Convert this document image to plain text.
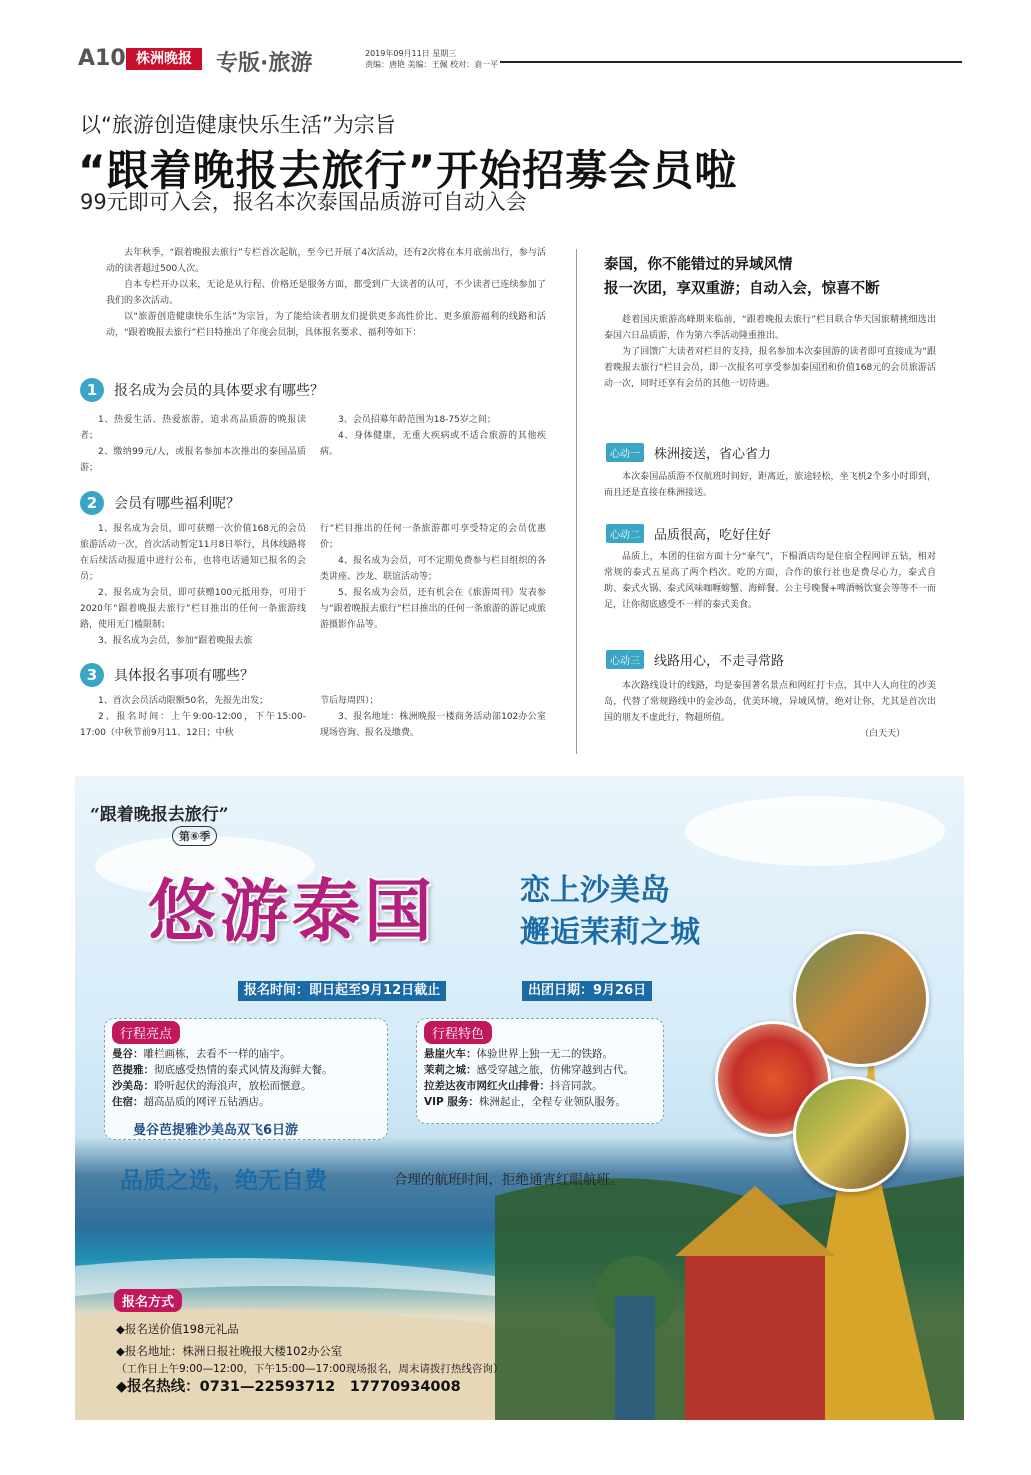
A10 株洲晚报	专版·旅游	2019年09月11日 星期三
责编：唐艳 美编：王佩 校对：袁一平
以“旅游创造健康快乐生活”为宗旨
“跟着晚报去旅行”开始招募会员啦
99元即可入会，报名本次泰国品质游可自动入会

去年秋季，“跟着晚报去旅行”专栏首次起航，至今已开展了4次活动，还有2次将在本月底前出行，参与活动的读者超过500人次。

自本专栏开办以来，无论是从行程、价格还是服务方面，都受到广大读者的认可，不少读者已连续参加了我们的多次活动。

以“旅游创造健康快乐生活”为宗旨，为了能给读者朋友们提供更多高性价比、更多旅游福利的线路和活动，“跟着晚报去旅行”栏目特推出了年度会员制，具体报名要求、福利等如下：

1	报名成为会员的具体要求有哪些？

1、热爱生活、热爱旅游，追求高品质游的晚报读者；

2、缴纳99元/人，或报名参加本次推出的泰国品质游；

3、会员招募年龄范围为18-75岁之间；

4、身体健康，无重大疾病或不适合旅游的其他疾病。

2	会员有哪些福利呢？

1、报名成为会员，即可获赠一次价值168元的会员旅游活动一次，首次活动暂定11月8日举行，具体线路将在后续活动报道中进行公布，也将电话通知已报名的会员；

2、报名成为会员，即可获赠100元抵用券，可用于2020年“跟着晚报去旅行”栏目推出的任何一条旅游线路，使用无门槛限制；

3、报名成为会员，参加“跟着晚报去旅

行”栏目推出的任何一条旅游都可享受特定的会员优惠价；

4、报名成为会员，可不定期免费参与栏目组织的各类讲座、沙龙、联谊活动等；

5、报名成为会员，还有机会在《旅游周刊》发表参与“跟着晚报去旅行”栏目推出的任何一条旅游的游记或旅游摄影作品等。

3	具体报名事项有哪些？

1、首次会员活动限额50名，先报先出发；

2、报名时间：上午9:00-12:00，下午15:00-17:00（中秋节前9月11、12日；中秋

节后每周四）；

3、报名地址：株洲晚报一楼商务活动部102办公室现场咨询、报名及缴费。

泰国，你不能错过的异域风情
报一次团，享双重游；自动入会，惊喜不断

趁着国庆旅游高峰期来临前，“跟着晚报去旅行”栏目联合华天国旅精挑细选出泰国六日品质游，作为第六季活动隆重推出。

为了回馈广大读者对栏目的支持，报名参加本次泰国游的读者即可直接成为“跟着晚报去旅行”栏目会员，即一次报名可享受参加泰国团和价值168元的会员旅游活动一次，同时还享有会员的其他一切待遇。

心动一	株洲接送，省心省力

本次泰国品质游不仅航班时间好，距离近，旅途轻松，坐飞机2个多小时即到，而且还是直接在株洲接送。

心动二	品质很高，吃好住好

品质上，本团的住宿方面十分“豪气”，下榻酒店均是住宿全程网评五钻，相对常规的泰式五星高了两个档次。吃的方面，合作的旅行社也是费尽心力，泰式自助、泰式火锅、泰式风味咖喱螃蟹、海鲜餐、公主号晚餐+啤酒畅饮宴会等等不一而足，让你彻底感受不一样的泰式美食。

心动三	线路用心，不走寻常路

本次路线设计的线路，均是泰国著名景点和网红打卡点，其中人人向往的沙美岛，代替了常规路线中的金沙岛，优美环境，异域风情，绝对让你，尤其是首次出国的朋友不虚此行，物超所值。

（白天天）
“跟着晚报去旅行”
第⑥季
悠游泰国	恋上沙美岛
邂逅茉莉之城
报名时间：即日起至9月12日截止	出团日期：9月26日
行程亮点
曼谷：雕栏画栋，去看不一样的庙宇。
芭提雅：彻底感受热情的泰式风情及海鲜大餐。
沙美岛：聆听起伏的海浪声，放松而惬意。
住宿：超高品质的网评五钻酒店。
曼谷芭提雅沙美岛双飞6日游
行程特色
悬崖火车：体验世界上独一无二的铁路。
茉莉之城：感受穿越之旅，仿佛穿越到古代。
拉差达夜市网红火山排骨：抖音同款。
VIP 服务：株洲起止，全程专业领队服务。
品质之选，绝无自费	合理的航班时间，拒绝通宵红眼航班。
报名方式
◆报名送价值198元礼品
◆报名地址：株洲日报社晚报大楼102办公室
（工作日上午9:00—12:00，下午15:00—17:00现场报名，周末请拨打热线咨询）
◆报名热线：0731—22593712　17770934008
